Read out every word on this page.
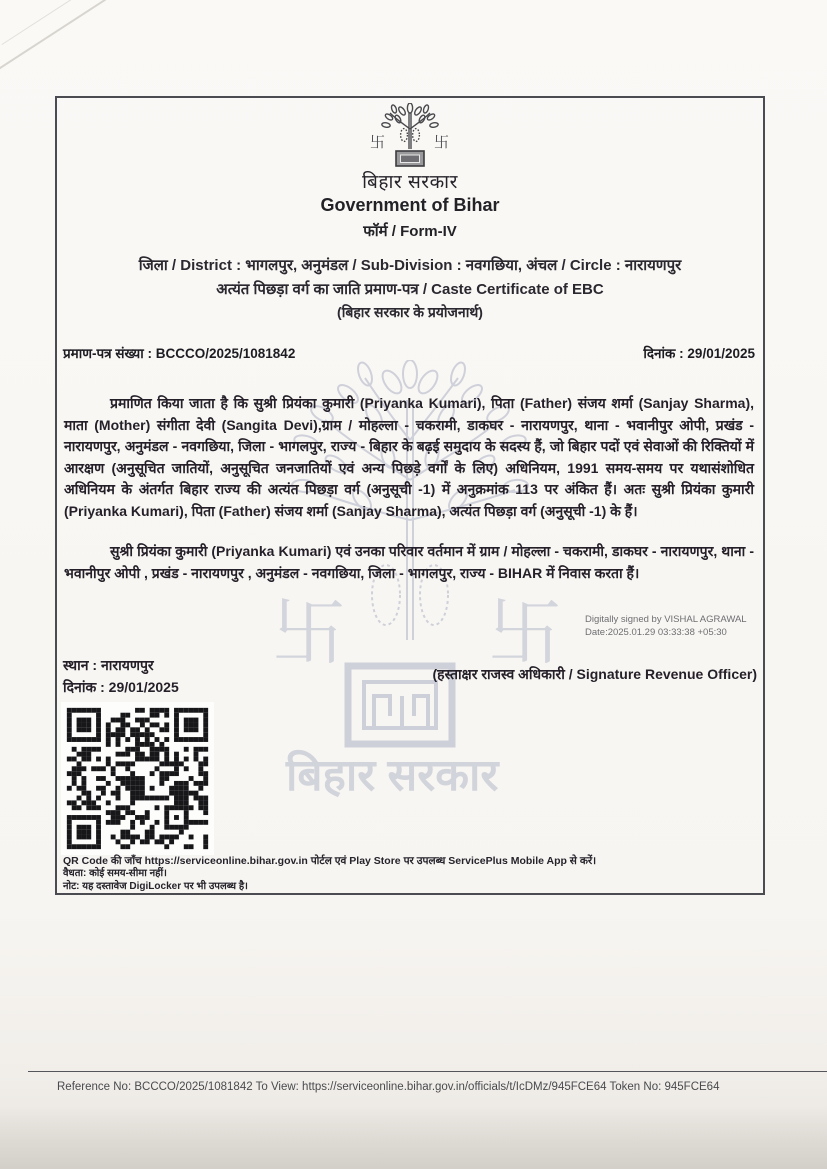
卐 卐
बिहार सरकार
卐	卐
बिहार सरकार
Government of Bihar
फॉर्म / Form-IV
जिला / District : भागलपुर, अनुमंडल / Sub-Division : नवगछिया, अंचल / Circle : नारायणपुर
अत्यंत पिछड़ा वर्ग का जाति प्रमाण-पत्र / Caste Certificate of EBC
(बिहार सरकार के प्रयोजनार्थ)
प्रमाण-पत्र संख्या : BCCCO/2025/1081842	दिनांक : 29/01/2025
प्रमाणित किया जाता है कि सुश्री प्रियंका कुमारी (Priyanka Kumari), पिता (Father) संजय शर्मा (Sanjay Sharma), माता (Mother) संगीता देवी (Sangita Devi),ग्राम / मोहल्ला - चकरामी, डाकघर - नारायणपुर, थाना - भवानीपुर ओपी, प्रखंड - नारायणपुर, अनुमंडल - नवगछिया, जिला - भागलपुर, राज्य - बिहार के बढ़ई समुदाय के सदस्य हैं, जो बिहार पदों एवं सेवाओं की रिक्तियों में आरक्षण (अनुसूचित जातियों, अनुसूचित जनजातियों एवं अन्य पिछड़े वर्गों के लिए) अधिनियम, 1991 समय-समय पर यथासंशोधित अधिनियम के अंतर्गत बिहार राज्य की अत्यंत पिछड़ा वर्ग (अनुसूची -1) में अनुक्रमांक 113 पर अंकित हैं। अतः सुश्री प्रियंका कुमारी (Priyanka Kumari), पिता (Father) संजय शर्मा (Sanjay Sharma), अत्यंत पिछड़ा वर्ग (अनुसूची -1) के हैं।
सुश्री प्रियंका कुमारी (Priyanka Kumari) एवं उनका परिवार वर्तमान में ग्राम / मोहल्ला - चकरामी, डाकघर - नारायणपुर, थाना - भवानीपुर ओपी , प्रखंड - नारायणपुर , अनुमंडल - नवगछिया, जिला - भागलपुर, राज्य - BIHAR में निवास करता हैं।
Digitally signed by VISHAL AGRAWAL
Date:2025.01.29 03:33:38 +05:30
स्थान : नारायणपुर
दिनांक : 29/01/2025
(हस्ताक्षर राजस्व अधिकारी / Signature Revenue Officer)
QR Code की जाँच https://serviceonline.bihar.gov.in पोर्टल एवं Play Store पर उपलब्ध ServicePlus Mobile App से करें।
वैधता: कोई समय-सीमा नहीं।
नोट: यह दस्तावेज DigiLocker पर भी उपलब्ध है।
Reference No: BCCCO/2025/1081842 To View: https://serviceonline.bihar.gov.in/officials/t/IcDMz/945FCE64 Token No: 945FCE64
